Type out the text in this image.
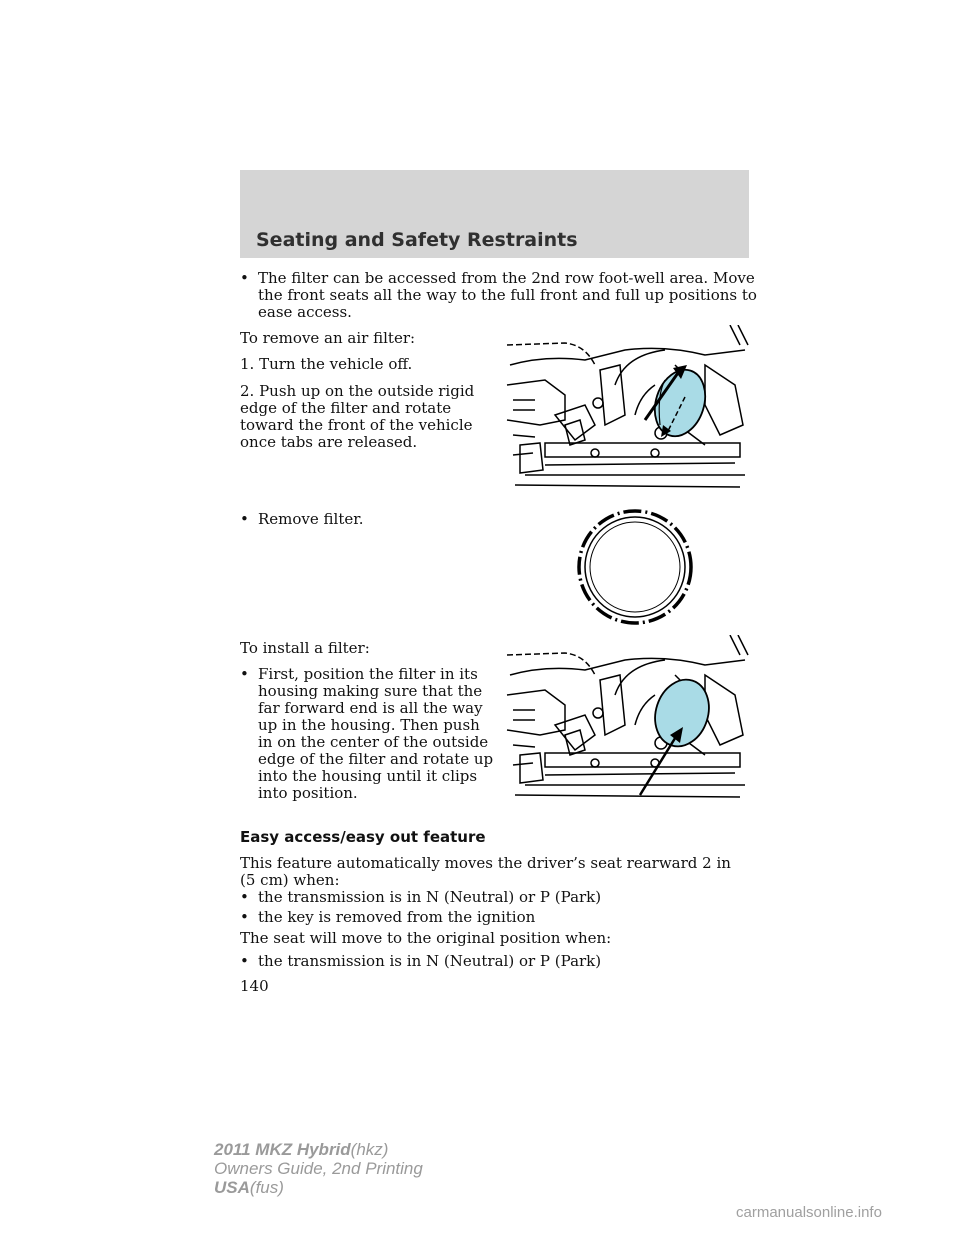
Seating and Safety Restraints
• The filter can be accessed from the 2nd row foot-well area. Move the front seats all the way to the full front and full up positions to ease access.
To remove an air filter:
1. Turn the vehicle off.
2. Push up on the outside rigid edge of the filter and rotate toward the front of the vehicle once tabs are released.
• Remove filter.
To install a filter:
• First, position the filter in its housing making sure that the far forward end is all the way up in the housing. Then push in on the center of the outside edge of the filter and rotate up into the housing until it clips into position.
Easy access/easy out feature
This feature automatically moves the driver’s seat rearward 2 in (5 cm) when:
• the transmission is in N (Neutral) or P (Park)
• the key is removed from the ignition
The seat will move to the original position when:
• the transmission is in N (Neutral) or P (Park)
140
2011 MKZ Hybrid(hkz)
Owners Guide, 2nd Printing
USA(fus)
carmanualsonline.info
